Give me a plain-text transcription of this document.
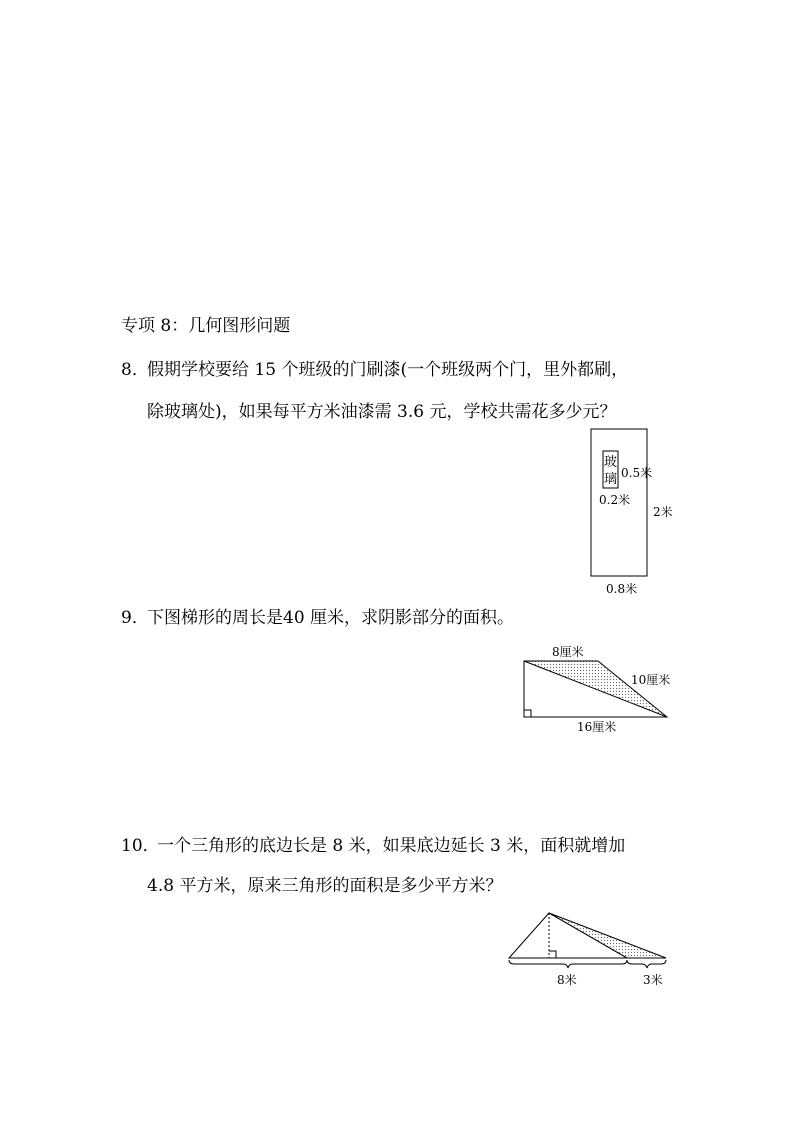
专项 8：几何图形问题
8．
假期学校要给 15 个班级的门刷漆(一个班级两个门，里外都刷，
除玻璃处)，如果每平方米油漆需 3.6 元，学校共需花多少元？
玻
璃 0.5米
0.2米
2米
0.8米
9．
下图梯形的周长是40 厘米，求阴影部分的面积。
8厘米
10厘米
16厘米
10．
一个三角形的底边长是 8 米，如果底边延长 3 米，面积就增加
4.8 平方米，原来三角形的面积是多少平方米？
8米	3米
